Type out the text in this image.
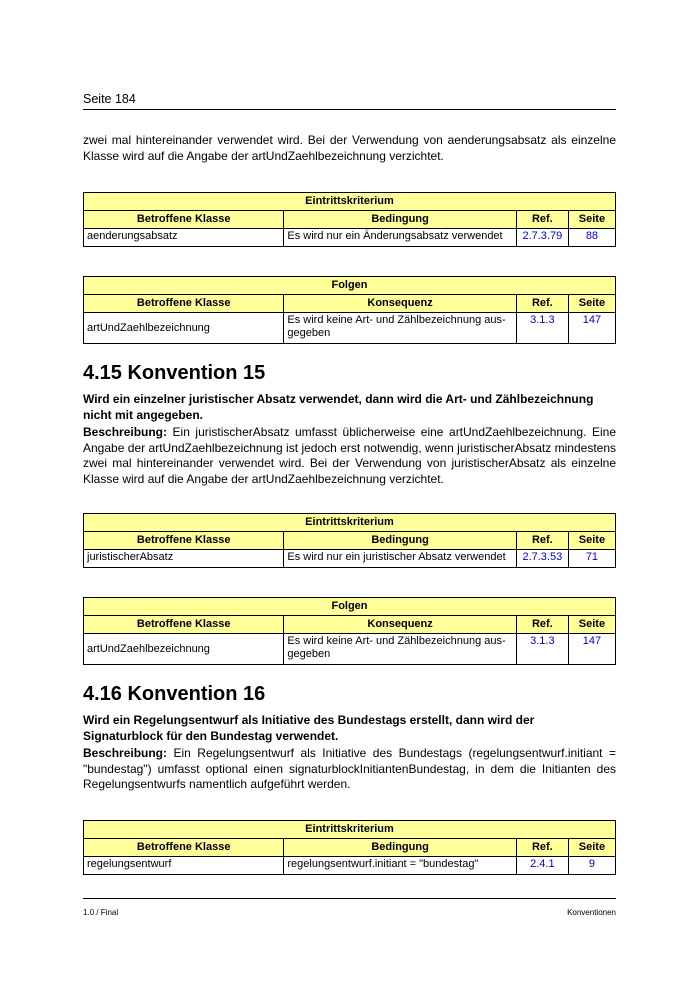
Seite 184

zwei mal hintereinander verwendet wird. Bei der Verwendung von aenderungsabsatz als einzelne Klasse wird auf die Angabe der artUndZaehlbezeichnung verzichtet.

Eintrittskriterium			
Betroffene Klasse	Bedingung	Ref.	Seite
aenderungsabsatz	Es wird nur ein Änderungsabsatz verwendet	2.7.3.79	88
Folgen			
Betroffene Klasse	Konsequenz	Ref.	Seite
artUndZaehlbezeichnung	Es wird keine Art- und Zählbezeichnung aus-gegeben	3.1.3	147
4.15 Konvention 15
Wird ein einzelner juristischer Absatz verwendet, dann wird die Art- und Zählbezeichnung nicht mit angegeben.

Beschreibung: Ein juristischerAbsatz umfasst üblicherweise eine artUndZaehlbezeichnung. Eine Angabe der artUndZaehlbezeichnung ist jedoch erst notwendig, wenn juristischerAbsatz mindestens zwei mal hintereinander verwendet wird. Bei der Verwendung von juristischerAbsatz als einzelne Klasse wird auf die Angabe der artUndZaehlbezeichnung verzichtet.

Eintrittskriterium			
Betroffene Klasse	Bedingung	Ref.	Seite
juristischerAbsatz	Es wird nur ein juristischer Absatz verwendet	2.7.3.53	71
Folgen			
Betroffene Klasse	Konsequenz	Ref.	Seite
artUndZaehlbezeichnung	Es wird keine Art- und Zählbezeichnung aus-gegeben	3.1.3	147
4.16 Konvention 16
Wird ein Regelungsentwurf als Initiative des Bundestags erstellt, dann wird der Signaturblock für den Bundestag verwendet.

Beschreibung: Ein Regelungsentwurf als Initiative des Bundestags (regelungsentwurf.initiant = "bundestag") umfasst optional einen signaturblockInitiantenBundestag, in dem die Initianten des Regelungsentwurfs namentlich aufgeführt werden.

Eintrittskriterium			
Betroffene Klasse	Bedingung	Ref.	Seite
regelungsentwurf	regelungsentwurf.initiant = "bundestag"	2.4.1	9
1.0 / Final	Konventionen
